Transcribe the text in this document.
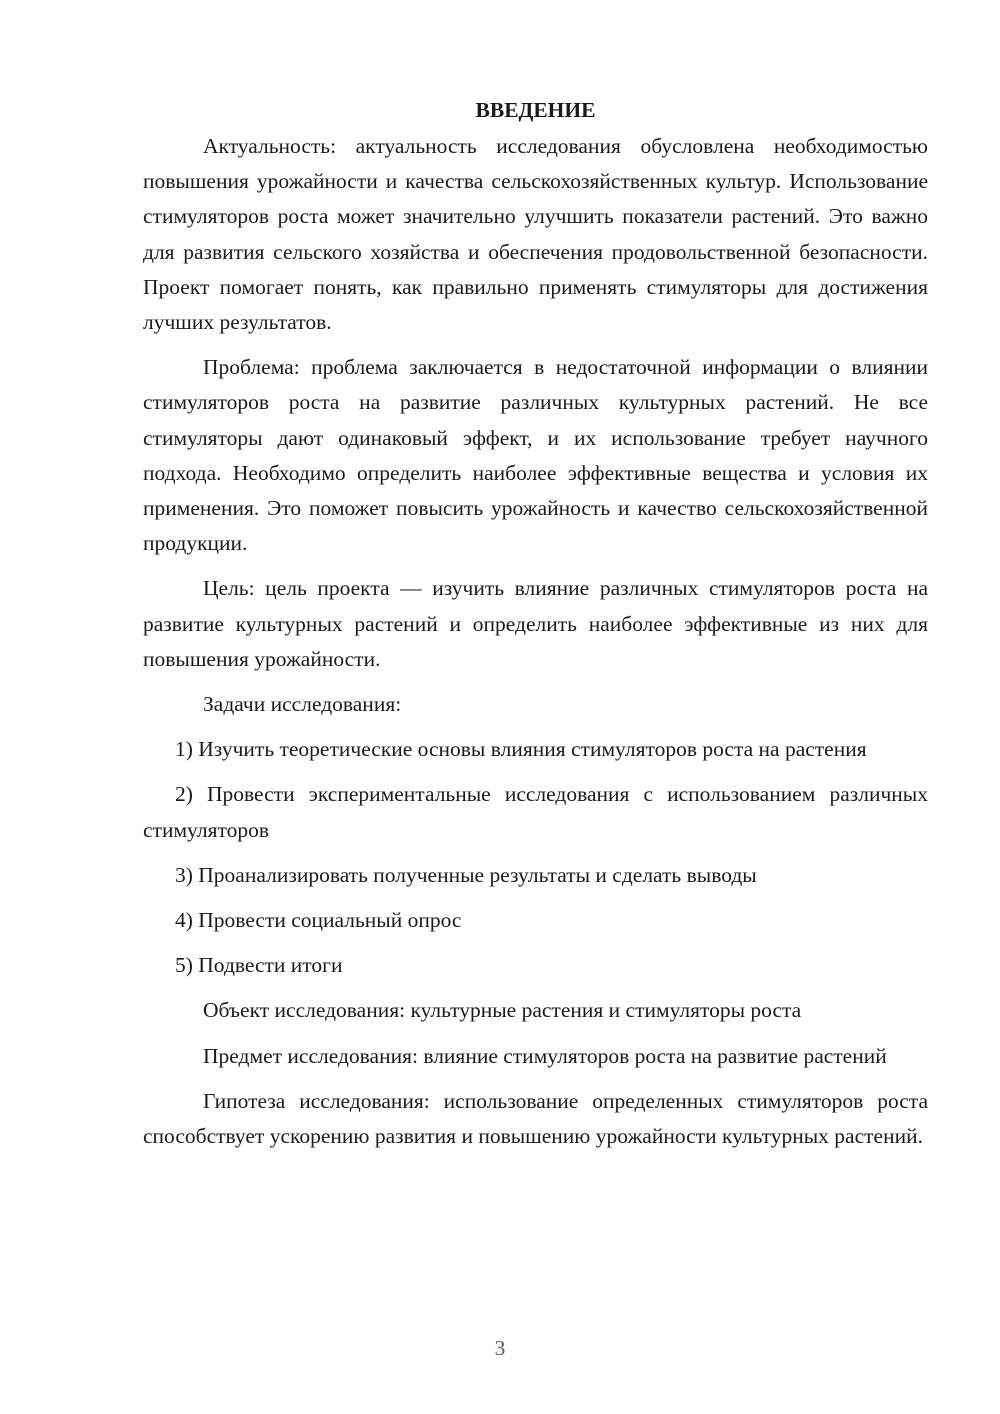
ВВЕДЕНИЕ

Актуальность: актуальность исследования обусловлена необходимостью повышения урожайности и качества сельскохозяйственных культур. Использование стимуляторов роста может значительно улучшить показатели растений. Это важно для развития сельского хозяйства и обеспечения продовольственной безопасности. Проект помогает понять, как правильно применять стимуляторы для достижения лучших результатов.

Проблема: проблема заключается в недостаточной информации о влиянии стимуляторов роста на развитие различных культурных растений. Не все стимуляторы дают одинаковый эффект, и их использование требует научного подхода. Необходимо определить наиболее эффективные вещества и условия их применения. Это поможет повысить урожайность и качество сельскохозяйственной продукции.

Цель: цель проекта — изучить влияние различных стимуляторов роста на развитие культурных растений и определить наиболее эффективные из них для повышения урожайности.

Задачи исследования:

1) Изучить теоретические основы влияния стимуляторов роста на растения

2) Провести экспериментальные исследования с использованием различных стимуляторов

3) Проанализировать полученные результаты и сделать выводы

4) Провести социальный опрос

5) Подвести итоги

Объект исследования: культурные растения и стимуляторы роста

Предмет исследования: влияние стимуляторов роста на развитие растений

Гипотеза исследования: использование определенных стимуляторов роста способствует ускорению развития и повышению урожайности культурных растений.

3
